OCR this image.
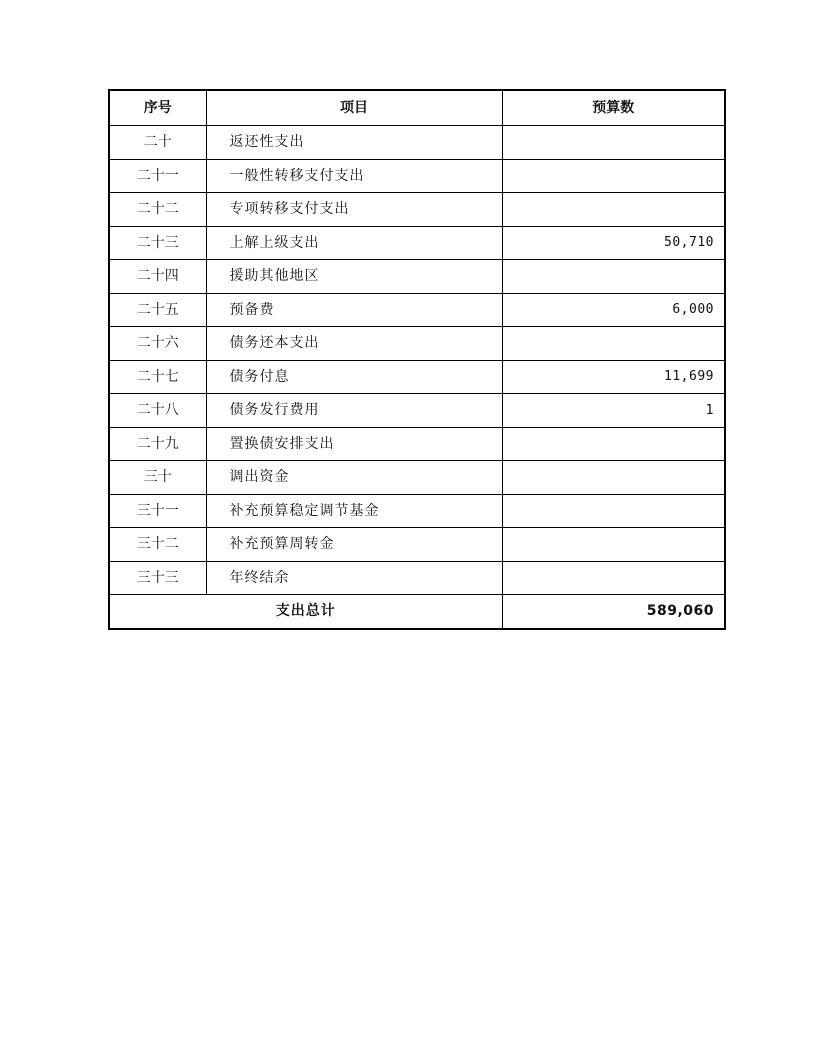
序号	项目	预算数
二十	返还性支出	
二十一	一般性转移支付支出	
二十二	专项转移支付支出	
二十三	上解上级支出	50,710
二十四	援助其他地区	
二十五	预备费	6,000
二十六	债务还本支出	
二十七	债务付息	11,699
二十八	债务发行费用	1
二十九	置换债安排支出	
三十	调出资金	
三十一	补充预算稳定调节基金	
三十二	补充预算周转金	
三十三	年终结余	
支出总计		589,060
